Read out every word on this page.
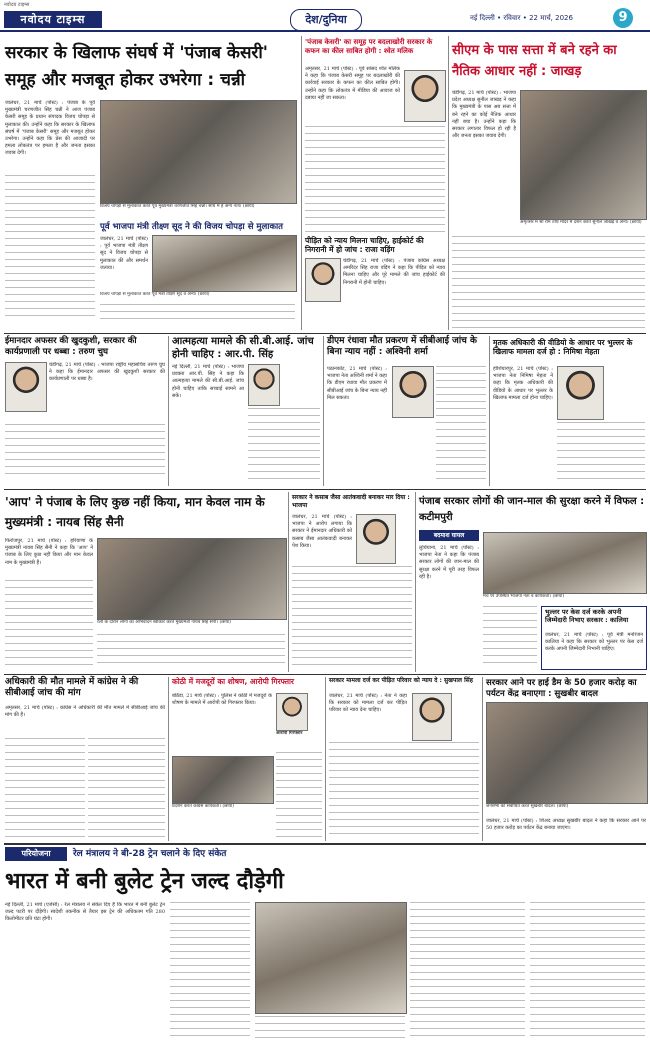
नवोदय टाइम्स
नवोदय टाइम्स	देश/दुनिया	नई दिल्ली • रविवार • 22 मार्च, 2026	9
सरकार के खिलाफ संघर्ष में 'पंजाब केसरी' समूह और मजबूत होकर उभरेगा : चन्नी
जालंधर, 21 मार्च (पोस्ट) : पंजाब के पूर्व मुख्यमंत्री चरणजीत सिंह चन्नी ने आज पंजाब केसरी समूह के प्रधान संपादक विजय चोपड़ा से मुलाकात की। उन्होंने कहा कि सरकार के खिलाफ संघर्ष में 'पंजाब केसरी' समूह और मजबूत होकर उभरेगा। उन्होंने कहा कि प्रेस की आजादी पर हमला लोकतंत्र पर हमला है और जनता इसका जवाब देगी।
विजय चोपड़ा से मुलाकात करते पूर्व मुख्यमंत्री चरणजीत सिंह चन्नी। साथ में हैं अन्य नेता। (छाया)
पूर्व भाजपा मंत्री तीक्ष्ण सूद ने की विजय चोपड़ा से मुलाकात
जालंधर, 21 मार्च (पोस्ट) : पूर्व भाजपा मंत्री तीक्ष्ण सूद ने विजय चोपड़ा से मुलाकात की और समर्थन जताया।
विजय चोपड़ा से मुलाकात करते पूर्व मंत्री तीक्ष्ण सूद व अन्य। (छाया)
'पंजाब केसरी' का समूह पर बदलाखोरी सरकार के कफन का कील साबित होगी : श्वेत मलिक
अमृतसर, 21 मार्च (पोस्ट) : पूर्व सांसद श्वेत मलिक ने कहा कि पंजाब केसरी समूह पर बदलाखोरी की कार्रवाई सरकार के कफन का कील साबित होगी। उन्होंने कहा कि लोकतंत्र में मीडिया की आवाज को दबाया नहीं जा सकता।
पीड़ित को न्याय मिलना चाहिए, हाईकोर्ट की निगरानी में हो जांच : राजा वड़िंग
चंडीगढ़, 21 मार्च (पोस्ट) : पंजाब कांग्रेस अध्यक्ष अमरिंदर सिंह राजा वड़िंग ने कहा कि पीड़ित को न्याय मिलना चाहिए और पूरे मामले की जांच हाईकोर्ट की निगरानी में होनी चाहिए।
सीएम के पास सत्ता में बने रहने का नैतिक आधार नहीं : जाखड़
चंडीगढ़, 21 मार्च (पोस्ट) : भाजपा प्रदेश अध्यक्ष सुनील जाखड़ ने कहा कि मुख्यमंत्री के पास अब सत्ता में बने रहने का कोई नैतिक आधार नहीं बचा है। उन्होंने कहा कि सरकार लगातार विफल हो रही है और जनता इसका जवाब देगी।
अमृतसर में श्री राम तीर्थ मंदिर में दर्शन करते सुनील जाखड़ व अन्य। (छाया)
ईमानदार अफसर की खुदकुशी, सरकार की कार्यप्रणाली पर धब्बा : तरुण चुघ
चंडीगढ़, 21 मार्च (पोस्ट) : भाजपा राष्ट्रीय महासचिव तरुण चुघ ने कहा कि ईमानदार अफसर की खुदकुशी सरकार की कार्यप्रणाली पर धब्बा है।
आत्महत्या मामले की सी.बी.आई. जांच होनी चाहिए : आर.पी. सिंह
नई दिल्ली, 21 मार्च (पोस्ट) : भाजपा प्रवक्ता आर.पी. सिंह ने कहा कि आत्महत्या मामले की सी.बी.आई. जांच होनी चाहिए ताकि सच्चाई सामने आ सके।
डीएम रंधावा मौत प्रकरण में सीबीआई जांच के बिना न्याय नहीं : अश्विनी शर्मा
पठानकोट, 21 मार्च (पोस्ट) : भाजपा नेता अश्विनी शर्मा ने कहा कि डीएम रंधावा मौत प्रकरण में सीबीआई जांच के बिना न्याय नहीं मिल सकता।
मृतक अधिकारी की वीडियो के आधार पर भुल्लर के खिलाफ मामला दर्ज हो : निमिषा मेहता
होशियारपुर, 21 मार्च (पोस्ट) : भाजपा नेता निमिषा मेहता ने कहा कि मृतक अधिकारी की वीडियो के आधार पर भुल्लर के खिलाफ मामला दर्ज होना चाहिए।
'आप' ने पंजाब के लिए कुछ नहीं किया, मान केवल नाम के मुख्यमंत्री : नायब सिंह सैनी
फिरोजपुर, 21 मार्च (पोस्ट) : हरियाणा के मुख्यमंत्री नायब सिंह सैनी ने कहा कि 'आप' ने पंजाब के लिए कुछ नहीं किया और मान केवल नाम के मुख्यमंत्री हैं।
रैली के दौरान लोगों का अभिवादन स्वीकार करते मुख्यमंत्री नायब सिंह सैनी। (छाया)
सरकार ने कसाब जैसा आतंकवादी बनाकर मार दिया : भाजपा
जालंधर, 21 मार्च (पोस्ट) : भाजपा ने आरोप लगाया कि सरकार ने ईमानदार अधिकारी को कसाब जैसा आतंकवादी बनाकर पेश किया।
पंजाब सरकार लोगों की जान-माल की सुरक्षा करने में विफल : कटीमपुरी
बदमाश घायल
लुधियाना, 21 मार्च (पोस्ट) : भाजपा नेता ने कहा कि पंजाब सरकार लोगों की जान-माल की सुरक्षा करने में पूरी तरह विफल रही है।
मंच पर उपस्थित भाजपा नेता व कार्यकर्ता। (छाया)
भुल्लर पर केस दर्ज करके अपनी जिम्मेदारी निभाए सरकार : कालिया
जालंधर, 21 मार्च (पोस्ट) : पूर्व मंत्री मनोरंजन कालिया ने कहा कि सरकार को भुल्लर पर केस दर्ज करके अपनी जिम्मेदारी निभानी चाहिए।
अधिकारी की मौत मामले में कांग्रेस ने की सीबीआई जांच की मांग
अमृतसर, 21 मार्च (पोस्ट) : कांग्रेस ने अधिकारी की मौत मामले में सीबीआई जांच की मांग की है।
कोठी में मजदूरों का शोषण, आरोपी गिरफ्तार
बठिंडा, 21 मार्च (पोस्ट) : पुलिस ने कोठी में मजदूरों के शोषण के मामले में आरोपी को गिरफ्तार किया।
आरोपी गिरफ्तार
प्रदर्शन करते कांग्रेस कार्यकर्ता। (छाया)
सरकार मामला दर्ज कर पीड़ित परिवार को न्याय दे : सुखपाल सिंह
जालंधर, 21 मार्च (पोस्ट) : नेता ने कहा कि सरकार को मामला दर्ज कर पीड़ित परिवार को न्याय देना चाहिए।
सरकार आने पर हाई डैम के 50 हजार करोड़ का पर्यटन केंद्र बनाएगा : सुखबीर बादल
जनसभा को संबोधित करते सुखबीर बादल। (छाया)
जालंधर, 21 मार्च (पोस्ट) : शिअद अध्यक्ष सुखबीर बादल ने कहा कि सरकार आने पर 50 हजार करोड़ का पर्यटन केंद्र बनाया जाएगा।
परियोजना	रेल मंत्रालय ने बी-28 ट्रेन चलाने के दिए संकेत
भारत में बनी बुलेट ट्रेन जल्द दौड़ेगी
नई दिल्ली, 21 मार्च (एजेंसी) : रेल मंत्रालय ने संकेत दिए हैं कि भारत में बनी बुलेट ट्रेन जल्द पटरी पर दौड़ेगी। स्वदेशी तकनीक से तैयार इस ट्रेन की अधिकतम गति 280 किलोमीटर प्रति घंटा होगी।
